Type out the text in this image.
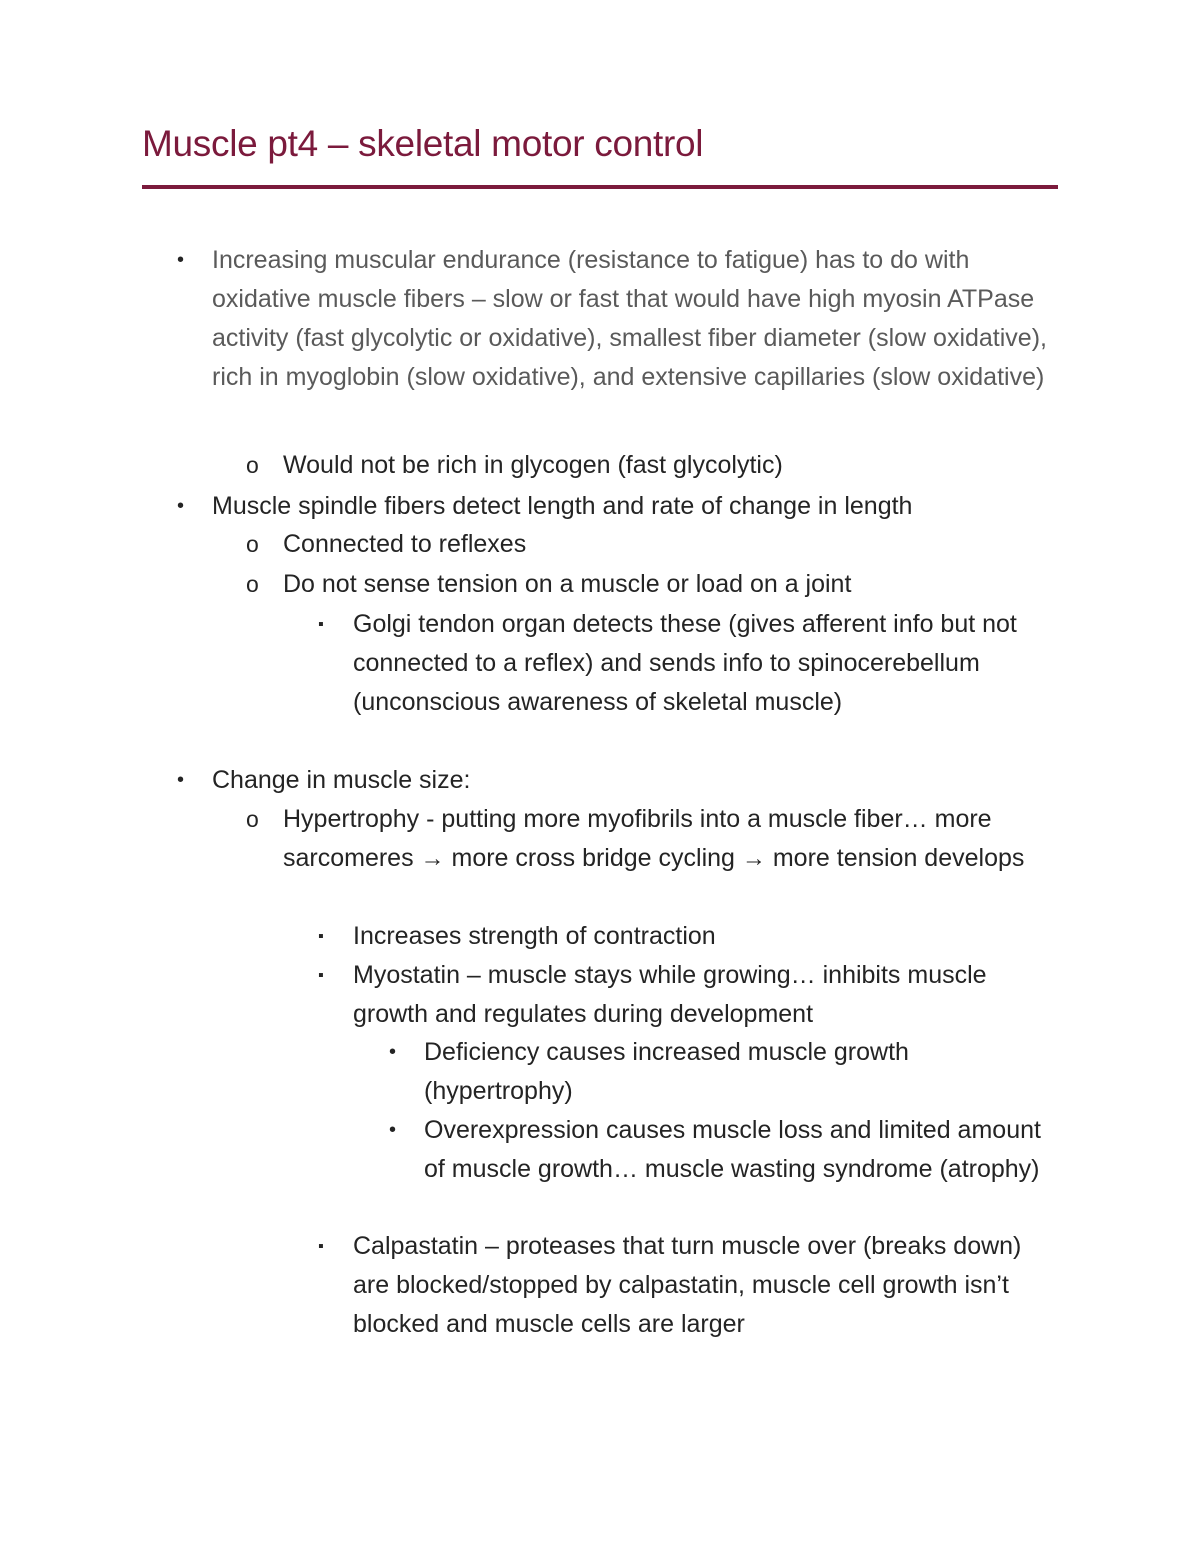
Muscle pt4 – skeletal motor control
• Increasing muscular endurance (resistance to fatigue) has to do with oxidative muscle fibers – slow or fast that would have high myosin ATPase activity (fast glycolytic or oxidative), smallest fiber diameter (slow oxidative), rich in myoglobin (slow oxidative), and extensive capillaries (slow oxidative)
o Would not be rich in glycogen (fast glycolytic)
• Muscle spindle fibers detect length and rate of change in length
o Connected to reflexes
o Do not sense tension on a muscle or load on a joint
▪ Golgi tendon organ detects these (gives afferent info but not connected to a reflex) and sends info to spinocerebellum (unconscious awareness of skeletal muscle)
• Change in muscle size:
o Hypertrophy - putting more myofibrils into a muscle fiber… more sarcomeres → more cross bridge cycling → more tension develops
▪ Increases strength of contraction
▪ Myostatin – muscle stays while growing… inhibits muscle growth and regulates during development
• Deficiency causes increased muscle growth (hypertrophy)
• Overexpression causes muscle loss and limited amount of muscle growth… muscle wasting syndrome (atrophy)
▪ Calpastatin – proteases that turn muscle over (breaks down) are blocked/stopped by calpastatin, muscle cell growth isn’t blocked and muscle cells are larger
